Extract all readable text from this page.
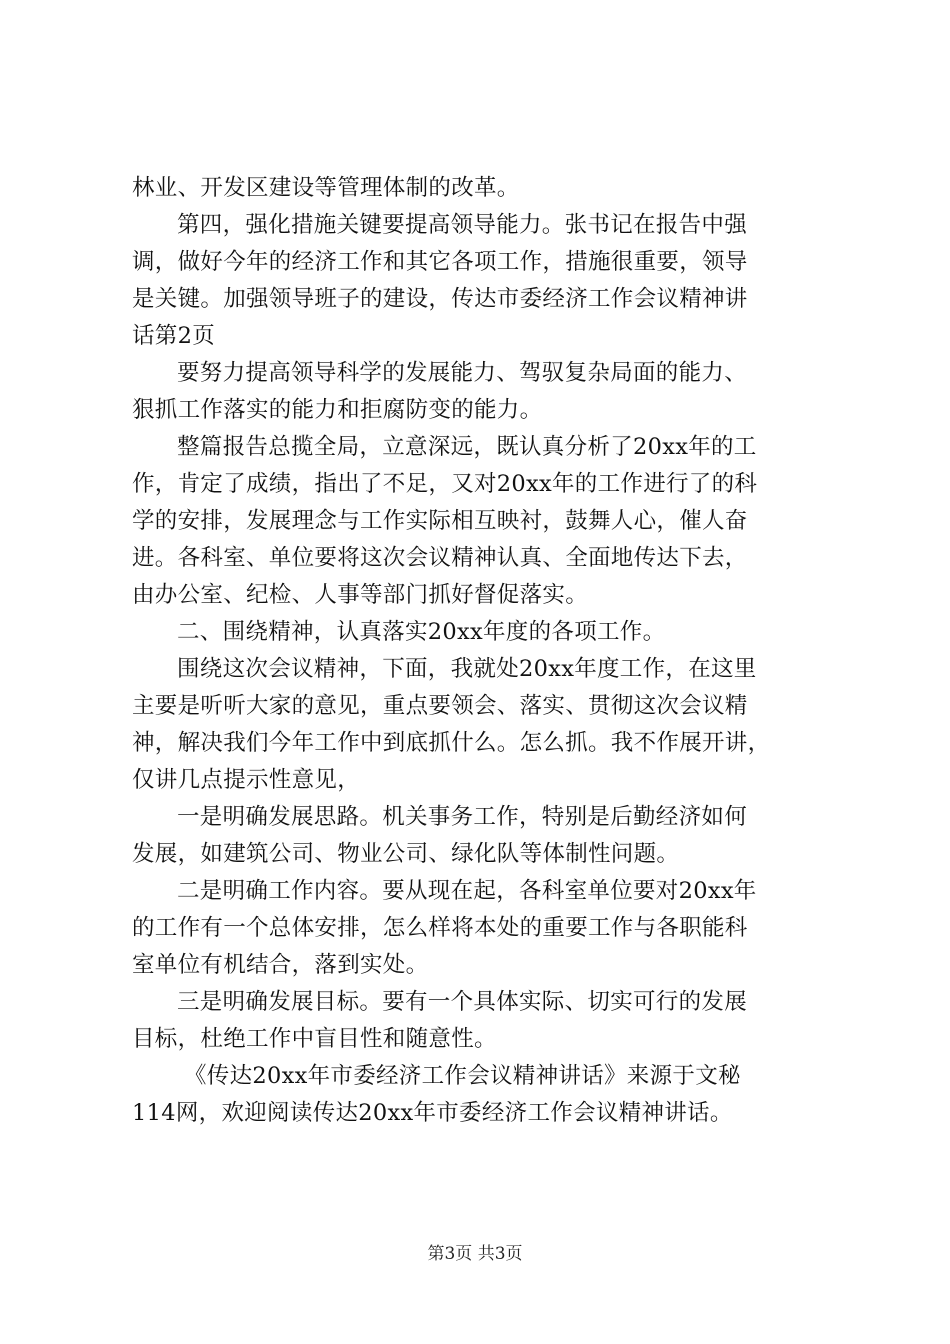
林业、开发区建设等管理体制的改革。
第四，强化措施关键要提高领导能力。张书记在报告中强
调，做好今年的经济工作和其它各项工作，措施很重要，领导
是关键。加强领导班子的建设，传达市委经济工作会议精神讲
话第2页
要努力提高领导科学的发展能力、驾驭复杂局面的能力、
狠抓工作落实的能力和拒腐防变的能力。
整篇报告总揽全局，立意深远，既认真分析了20xx年的工
作，肯定了成绩，指出了不足，又对20xx年的工作进行了的科
学的安排，发展理念与工作实际相互映衬，鼓舞人心，催人奋
进。各科室、单位要将这次会议精神认真、全面地传达下去，
由办公室、纪检、人事等部门抓好督促落实。
二、围绕精神，认真落实20xx年度的各项工作。
围绕这次会议精神，下面，我就处20xx年度工作，在这里
主要是听听大家的意见，重点要领会、落实、贯彻这次会议精
神，解决我们今年工作中到底抓什么。怎么抓。我不作展开讲，
仅讲几点提示性意见，
一是明确发展思路。机关事务工作，特别是后勤经济如何
发展，如建筑公司、物业公司、绿化队等体制性问题。
二是明确工作内容。要从现在起，各科室单位要对20xx年
的工作有一个总体安排，怎么样将本处的重要工作与各职能科
室单位有机结合，落到实处。
三是明确发展目标。要有一个具体实际、切实可行的发展
目标，杜绝工作中盲目性和随意性。
《传达20xx年市委经济工作会议精神讲话》来源于文秘
114网，欢迎阅读传达20xx年市委经济工作会议精神讲话。
第3页 共3页
